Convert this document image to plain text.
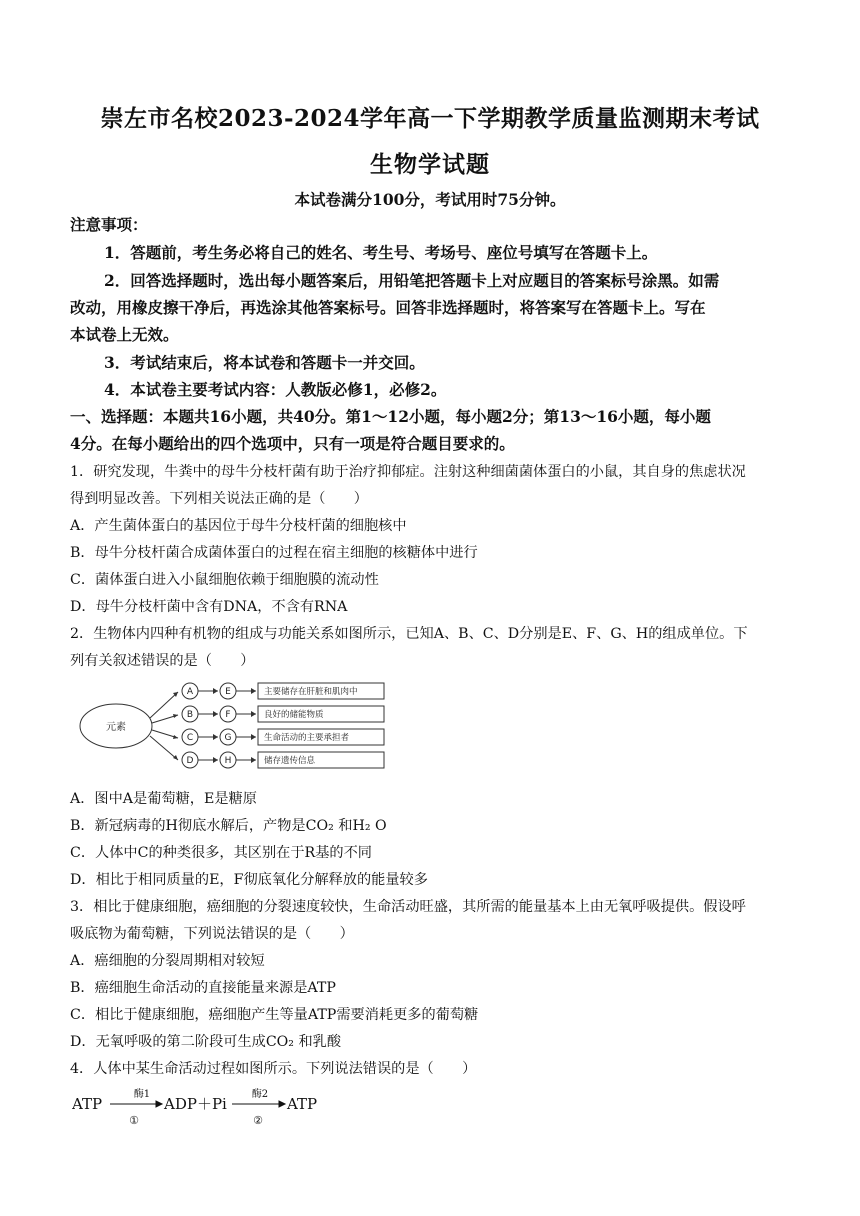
崇左市名校2023-2024学年高一下学期教学质量监测期末考试
生物学试题
本试卷满分100分，考试用时75分钟。
注意事项：
1．答题前，考生务必将自己的姓名、考生号、考场号、座位号填写在答题卡上。
2．回答选择题时，选出每小题答案后，用铅笔把答题卡上对应题目的答案标号涂黑。如需
改动，用橡皮擦干净后，再选涂其他答案标号。回答非选择题时，将答案写在答题卡上。写在
本试卷上无效。
3．考试结束后，将本试卷和答题卡一并交回。
4．本试卷主要考试内容：人教版必修1，必修2。
一、选择题：本题共16小题，共40分。第1～12小题，每小题2分；第13～16小题，每小题
4分。在每小题给出的四个选项中，只有一项是符合题目要求的。
1．研究发现，牛粪中的母牛分枝杆菌有助于治疗抑郁症。注射这种细菌菌体蛋白的小鼠，其自身的焦虑状况
得到明显改善。下列相关说法正确的是（　　）
A．产生菌体蛋白的基因位于母牛分枝杆菌的细胞核中
B．母牛分枝杆菌合成菌体蛋白的过程在宿主细胞的核糖体中进行
C．菌体蛋白进入小鼠细胞依赖于细胞膜的流动性
D．母牛分枝杆菌中含有DNA，不含有RNA
2．生物体内四种有机物的组成与功能关系如图所示，已知A、B、C、D分别是E、F、G、H的组成单位。下
列有关叙述错误的是（　　）
元素
A
B
C
D
E
F
G
H
主要储存在肝脏和肌肉中
良好的储能物质
生命活动的主要承担者
储存遗传信息
A．图中A是葡萄糖，E是糖原
B．新冠病毒的H彻底水解后，产物是CO₂ 和H₂ O
C．人体中C的种类很多，其区别在于R基的不同
D．相比于相同质量的E，F彻底氧化分解释放的能量较多
3．相比于健康细胞，癌细胞的分裂速度较快，生命活动旺盛，其所需的能量基本上由无氧呼吸提供。假设呼
吸底物为葡萄糖，下列说法错误的是（　　）
A．癌细胞的分裂周期相对较短
B．癌细胞生命活动的直接能量来源是ATP
C．相比于健康细胞，癌细胞产生等量ATP需要消耗更多的葡萄糖
D．无氧呼吸的第二阶段可生成CO₂ 和乳酸
4．人体中某生命活动过程如图所示。下列说法错误的是（　　）
ATP
酶1
①
ADP＋Pi
酶2
②
ATP
